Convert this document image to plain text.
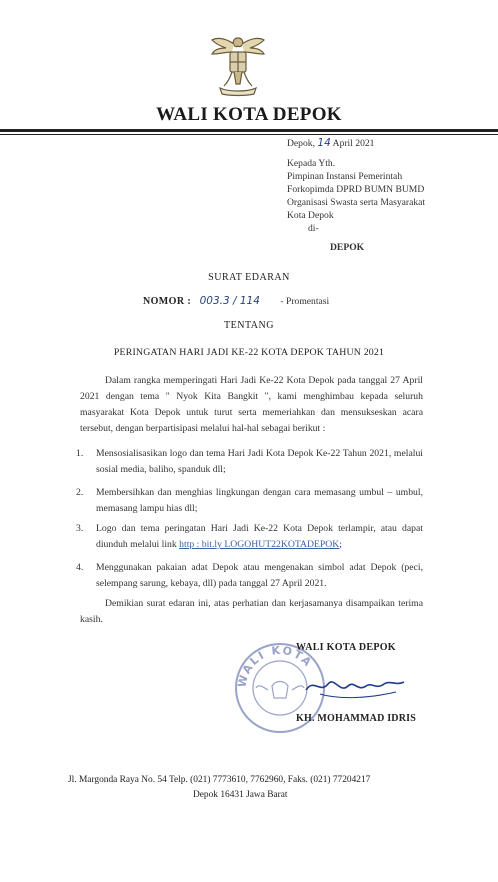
WALI KOTA DEPOK
Depok, 14 April 2021
Kepada Yth.
Pimpinan Instansi Pemerintah
Forkopimda DPRD BUMN BUMD
Organisasi Swasta serta Masyarakat
Kota Depok
di-
DEPOK
SURAT EDARAN
NOMOR : 003.3 / 114 - Promentasi
TENTANG
PERINGATAN HARI JADI KE-22 KOTA DEPOK TAHUN 2021
Dalam rangka memperingati Hari Jadi Ke-22 Kota Depok pada tanggal 27 April
2021 dengan tema " Nyok Kita Bangkit ", kami menghimbau kepada seluruh
masyarakat Kota Depok untuk turut serta memeriahkan dan mensukseskan acara
tersebut, dengan berpartisipasi melalui hal-hal sebagai berikut :
1. Mensosialisasikan logo dan tema Hari Jadi Kota Depok Ke-22 Tahun 2021, melalui
sosial media, baliho, spanduk dll;
2. Membersihkan dan menghias lingkungan dengan cara memasang umbul – umbul,
memasang lampu hias dll;
3. Logo dan tema peringatan Hari Jadi Ke-22 Kota Depok terlampir, atau dapat
diunduh melalui link http : bit.ly LOGOHUT22KOTADEPOK;
4. Menggunakan pakaian adat Depok atau mengenakan simbol adat Depok (peci,
selempang sarung, kebaya, dll) pada tanggal 27 April 2021.
Demikian surat edaran ini, atas perhatian dan kerjasamanya disampaikan terima
kasih.
WALI KOTA
WALI KOTA DEPOK
KH. MOHAMMAD IDRIS
Jl. Margonda Raya No. 54 Telp. (021) 7773610, 7762960, Faks. (021) 77204217
Depok 16431 Jawa Barat
